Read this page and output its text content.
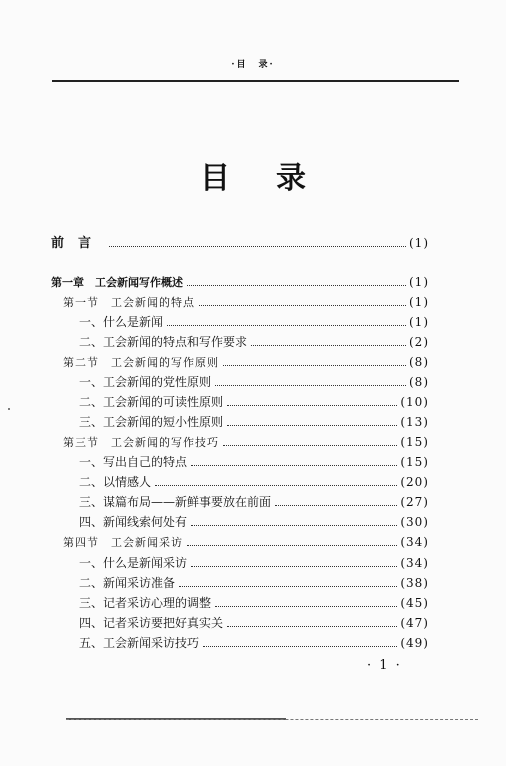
·目　录·
目录
前言	(1)
第一章　工会新闻写作概述	(1)
第一节　工会新闻的特点	(1)
一、什么是新闻	(1)
二、工会新闻的特点和写作要求	(2)
第二节　工会新闻的写作原则	(8)
一、工会新闻的党性原则	(8)
二、工会新闻的可读性原则	(10)
三、工会新闻的短小性原则	(13)
第三节　工会新闻的写作技巧	(15)
一、写出自己的特点	(15)
二、以情感人	(20)
三、谋篇布局——新鲜事要放在前面	(27)
四、新闻线索何处有	(30)
第四节　工会新闻采访	(34)
一、什么是新闻采访	(34)
二、新闻采访准备	(38)
三、记者采访心理的调整	(45)
四、记者采访要把好真实关	(47)
五、工会新闻采访技巧	(49)
· 1 ·
